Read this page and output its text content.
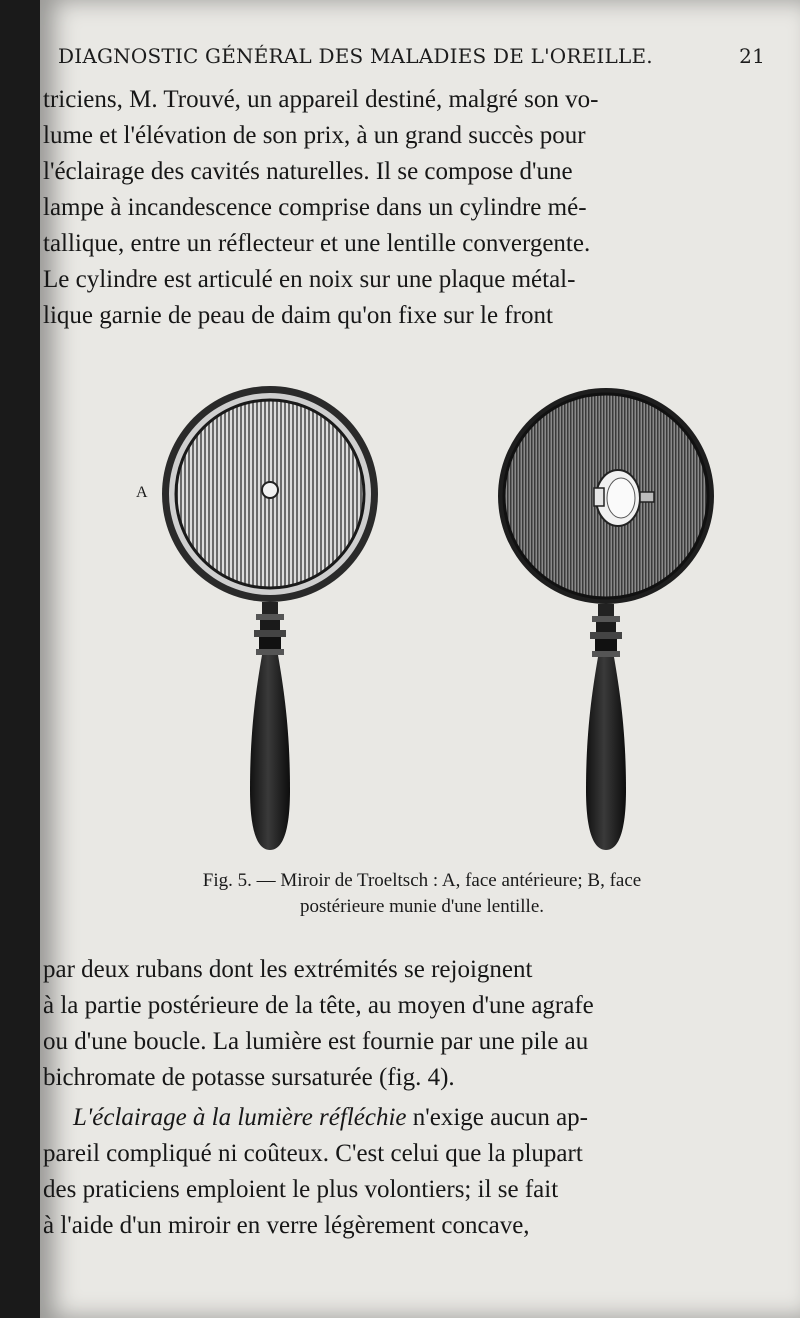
DIAGNOSTIC GÉNÉRAL DES MALADIES DE L'OREILLE.	21
triciens, M. Trouvé, un appareil destiné, malgré son vo-
lume et l'élévation de son prix, à un grand succès pour
l'éclairage des cavités naturelles. Il se compose d'une
lampe à incandescence comprise dans un cylindre mé-
tallique, entre un réflecteur et une lentille convergente.
Le cylindre est articulé en noix sur une plaque métal-
lique garnie de peau de daim qu'on fixe sur le front
A
Fig. 5. — Miroir de Troeltsch : A, face antérieure; B, face
postérieure munie d'une lentille.
par deux rubans dont les extrémités se rejoignent
à la partie postérieure de la tête, au moyen d'une agrafe
ou d'une boucle. La lumière est fournie par une pile au
bichromate de potasse sursaturée (fig. 4).
L'éclairage à la lumière réfléchie n'exige aucun ap-
pareil compliqué ni coûteux. C'est celui que la plupart
des praticiens emploient le plus volontiers; il se fait
à l'aide d'un miroir en verre légèrement concave,
